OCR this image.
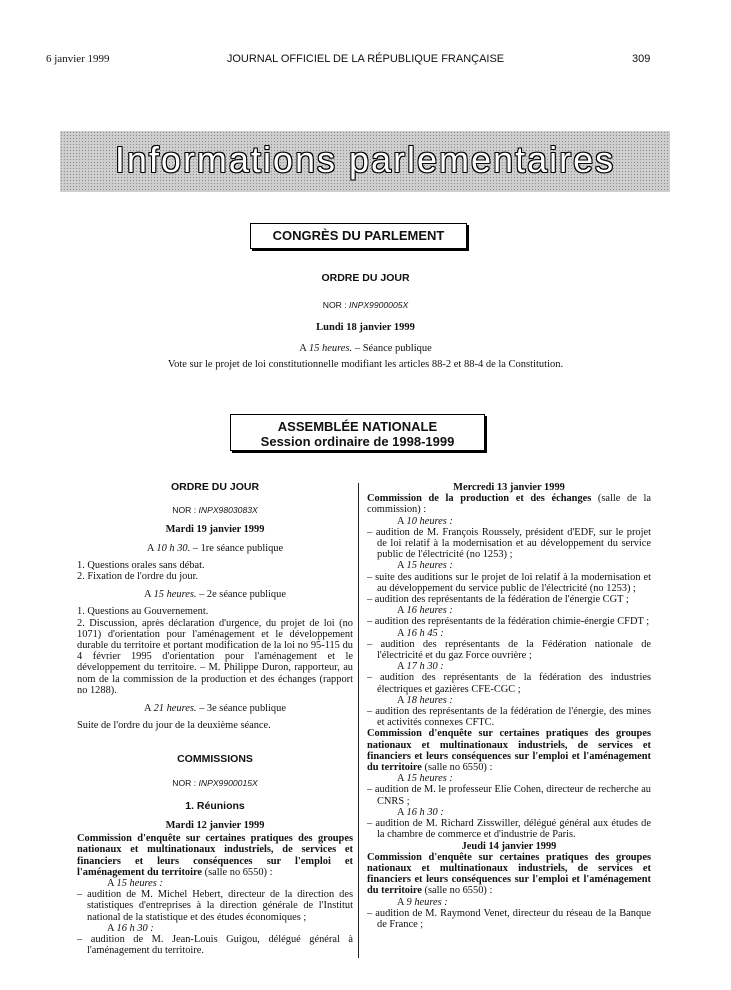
6 janvier 1999	JOURNAL OFFICIEL DE LA RÉPUBLIQUE FRANÇAISE	309
Informations parlementaires
CONGRÈS DU PARLEMENT
ORDRE DU JOUR
NOR : INPX9900005X
Lundi 18 janvier 1999
A 15 heures. – Séance publique
Vote sur le projet de loi constitutionnelle modifiant les articles 88-2 et 88-4 de la Constitution.
ASSEMBLÉE NATIONALE
Session ordinaire de 1998-1999
ORDRE DU JOUR
NOR : INPX9803083X
Mardi 19 janvier 1999
A 10 h 30. – 1re séance publique

1. Questions orales sans débat.

2. Fixation de l'ordre du jour.

A 15 heures. – 2e séance publique

1. Questions au Gouvernement.

2. Discussion, après déclaration d'urgence, du projet de loi (no 1071) d'orientation pour l'aménagement et le développement durable du territoire et portant modification de la loi no 95-115 du 4 février 1995 d'orientation pour l'aménagement et le développement du territoire. – M. Philippe Duron, rapporteur, au nom de la commission de la production et des échanges (rapport no 1288).

A 21 heures. – 3e séance publique

Suite de l'ordre du jour de la deuxième séance.

COMMISSIONS
NOR : INPX9900015X
1. Réunions
Mardi 12 janvier 1999

Commission d'enquête sur certaines pratiques des groupes nationaux et multinationaux industriels, de services et financiers et leurs conséquences sur l'emploi et l'aménagement du territoire (salle no 6550) :

A 15 heures :

– audition de M. Michel Hebert, directeur de la direction des statistiques d'entreprises à la direction générale de l'Institut national de la statistique et des études économiques ;

A 16 h 30 :

– audition de M. Jean-Louis Guigou, délégué général à l'aménagement du territoire.

Mercredi 13 janvier 1999

Commission de la production et des échanges (salle de la commission) :

A 10 heures :

– audition de M. François Roussely, président d'EDF, sur le projet de loi relatif à la modernisation et au développement du service public de l'électricité (no 1253) ;

A 15 heures :

– suite des auditions sur le projet de loi relatif à la modernisation et au développement du service public de l'électricité (no 1253) ;

– audition des représentants de la fédération de l'énergie CGT ;

A 16 heures :

– audition des représentants de la fédération chimie-énergie CFDT ;

A 16 h 45 :

– audition des représentants de la Fédération nationale de l'électricité et du gaz Force ouvrière ;

A 17 h 30 :

– audition des représentants de la fédération des industries électriques et gazières CFE-CGC ;

A 18 heures :

– audition des représentants de la fédération de l'énergie, des mines et activités connexes CFTC.

Commission d'enquête sur certaines pratiques des groupes nationaux et multinationaux industriels, de services et financiers et leurs conséquences sur l'emploi et l'aménagement du territoire (salle no 6550) :

A 15 heures :

– audition de M. le professeur Elie Cohen, directeur de recherche au CNRS ;

A 16 h 30 :

– audition de M. Richard Zisswiller, délégué général aux études de la chambre de commerce et d'industrie de Paris.

Jeudi 14 janvier 1999

Commission d'enquête sur certaines pratiques des groupes nationaux et multinationaux industriels, de services et financiers et leurs conséquences sur l'emploi et l'aménagement du territoire (salle no 6550) :

A 9 heures :

– audition de M. Raymond Venet, directeur du réseau de la Banque de France ;
